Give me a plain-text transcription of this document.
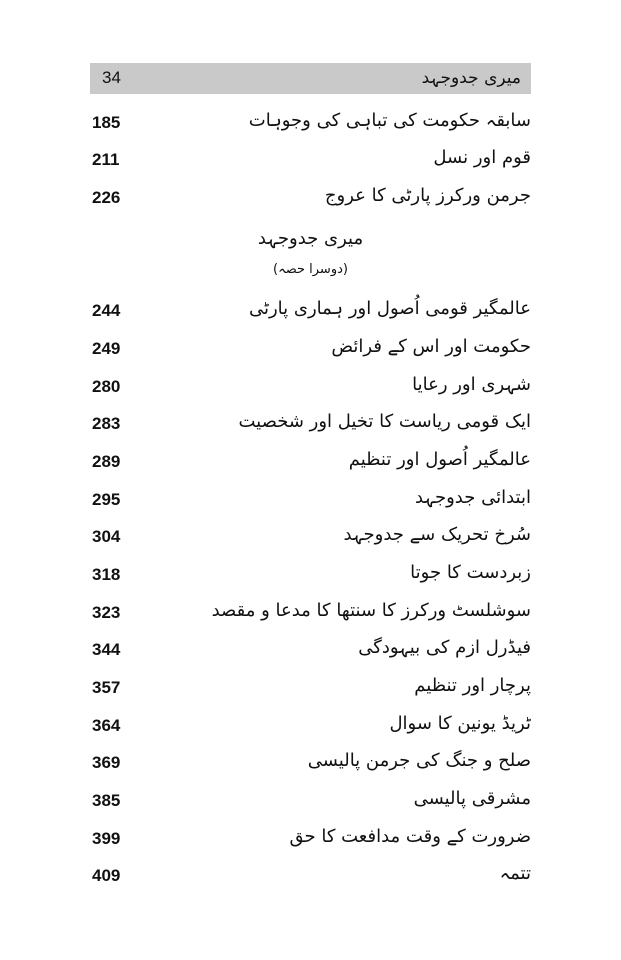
34	میری جدوجہد
185	سابقہ حکومت کی تباہی کی وجوہات
211	قوم اور نسل
226	جرمن ورکرز پارٹی کا عروج
میری جدوجہد
(دوسرا حصہ)
244	عالمگیر قومی اُصول اور ہماری پارٹی
249	حکومت اور اس کے فرائض
280	شہری اور رعایا
283	ایک قومی ریاست کا تخیل اور شخصیت
289	عالمگیر اُصول اور تنظیم
295	ابتدائی جدوجہد
304	سُرخ تحریک سے جدوجہد
318	زبردست کا جوتا
323	سوشلسٹ ورکرز کا سنتھا کا مدعا و مقصد
344	فیڈرل ازم کی بیہودگی
357	پرچار اور تنظیم
364	ٹریڈ یونین کا سوال
369	صلح و جنگ کی جرمن پالیسی
385	مشرقی پالیسی
399	ضرورت کے وقت مدافعت کا حق
409	تتمہ
